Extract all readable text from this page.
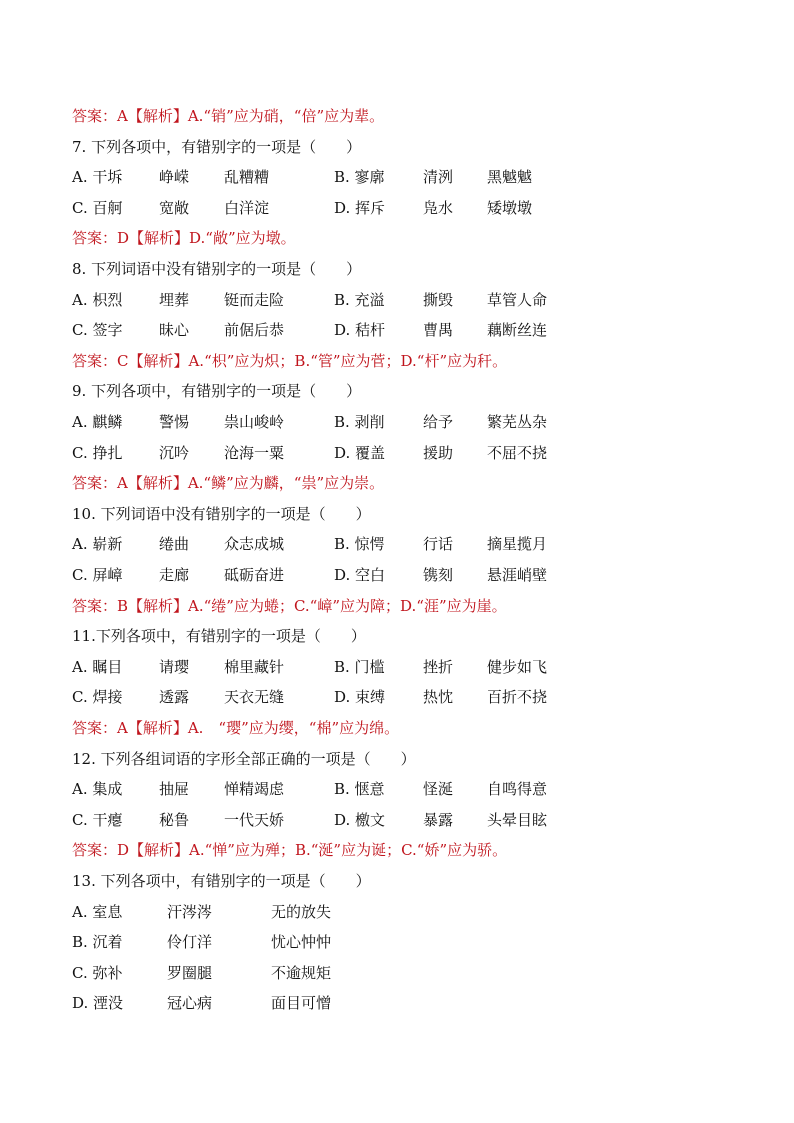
答案：A【解析】A.“销”应为硝，“倍”应为辈。
7. 下列各项中，有错别字的一项是（　　）
A. 干坼 峥嵘 乱糟糟	B. 寥廓	清洌 黑魆魆
C. 百舸 宽敞 白洋淀	D. 挥斥	凫水 矮墩墩
答案：D【解析】D.“敞”应为墩。
8. 下列词语中没有错别字的一项是（　　）
A. 枳烈 埋葬 铤而走险	B. 充溢	撕毁 草管人命
C. 签字 昧心 前倨后恭	D. 秸杆	曹禺 藕断丝连
答案：C【解析】A.“枳”应为炽；B.“管”应为菅；D.“杆”应为秆。
9. 下列各项中，有错别字的一项是（　　）
A. 麒鳞 警惕 祟山峻岭	B. 剥削	给予 繁芜丛杂
C. 挣扎 沉吟 沧海一粟	D. 覆盖	援助 不屈不挠
答案：A【解析】A.“鳞”应为麟，“祟”应为崇。
10. 下列词语中没有错别字的一项是（　　）
A. 崭新 绻曲 众志成城	B. 惊愕	行话 摘星揽月
C. 屏嶂 走廊 砥砺奋进	D. 空白	镌刻 悬涯峭壁
答案：B【解析】A.“绻”应为蜷；C.“嶂”应为障；D.“涯”应为崖。
11.下列各项中，有错别字的一项是（　　）
A. 瞩目 请璎 棉里藏针	B. 门槛	挫折 健步如飞
C. 焊接 透露 天衣无缝	D. 束缚	热忱 百折不挠
答案：A【解析】A.　“璎”应为缨，“棉”应为绵。
12. 下列各组词语的字形全部正确的一项是（　　）
A. 集成 抽屉 惮精竭虑	B. 惬意	怪涎 自鸣得意
C. 干瘪 秘鲁 一代天娇	D. 檄文	暴露 头晕目眩
答案：D【解析】A.“惮”应为殚；B.“涎”应为诞；C.“娇”应为骄。
13. 下列各项中，有错别字的一项是（　　）
A. 室息	汗涔涔	无的放失
B. 沉着	伶仃洋	忧心忡忡
C. 弥补	罗圈腿	不逾规矩
D. 湮没	冠心病	面目可憎
